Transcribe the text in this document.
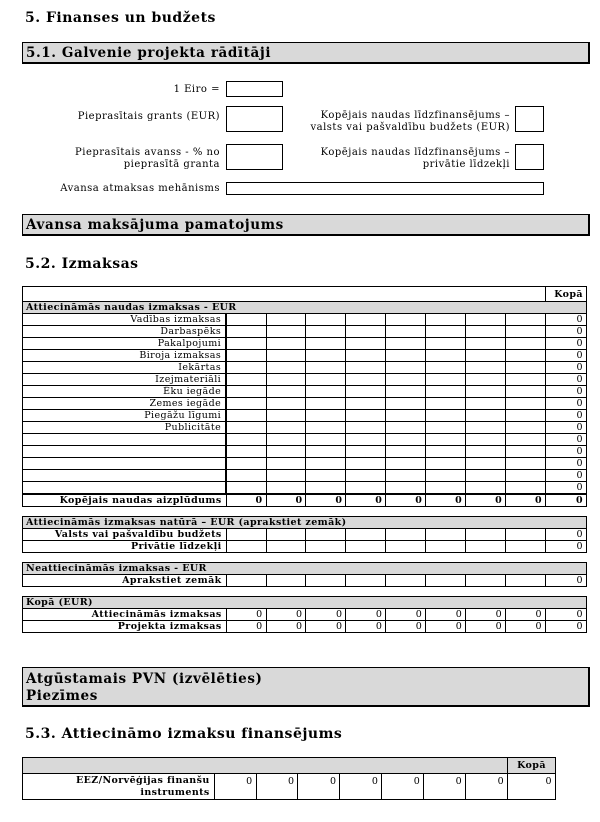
5. Finanses un budžets
5.1. Galvenie projekta rādītāji
1 Eiro =
Pieprasītais grants (EUR)	Kopējais naudas līdzfinansējums –
valsts vai pašvaldību budžets (EUR)
Pieprasītais avanss - % no
pieprasītā granta
Kopējais naudas līdzfinansējums –
privātie līdzekļi
Avansa atmaksas mehānisms
Avansa maksājuma pamatojums
5.2. Izmaksas
									Kopā
Attiecināmās naudas izmaksas - EUR									
Vadības izmaksas									0
Darbaspēks									0
Pakalpojumi									0
Biroja izmaksas									0
Iekārtas									0
Izejmateriāli									0
Ēku iegāde									0
Zemes iegāde									0
Piegāžu līgumi									0
Publicitāte									0
									0
									0
									0
									0
									0
Kopējais naudas aizplūdums	0	0	0	0	0	0	0	0	0

Attiecināmās izmaksas natūrā – EUR (aprakstiet zemāk)									
Valsts vai pašvaldību budžets									0
Privātie līdzekļi									0

Neattiecināmās izmaksas - EUR									
Aprakstiet zemāk									0

Kopā (EUR)									
Attiecināmās izmaksas	0	0	0	0	0	0	0	0	0
Projekta izmaksas	0	0	0	0	0	0	0	0	0
Atgūstamais PVN (izvēlēties)
Piezīmes
5.3. Attiecināmo izmaksu finansējums
								Kopā

EEZ/Norvēģijas finanšu
instruments	0	0	0	0	0	0	0	0
